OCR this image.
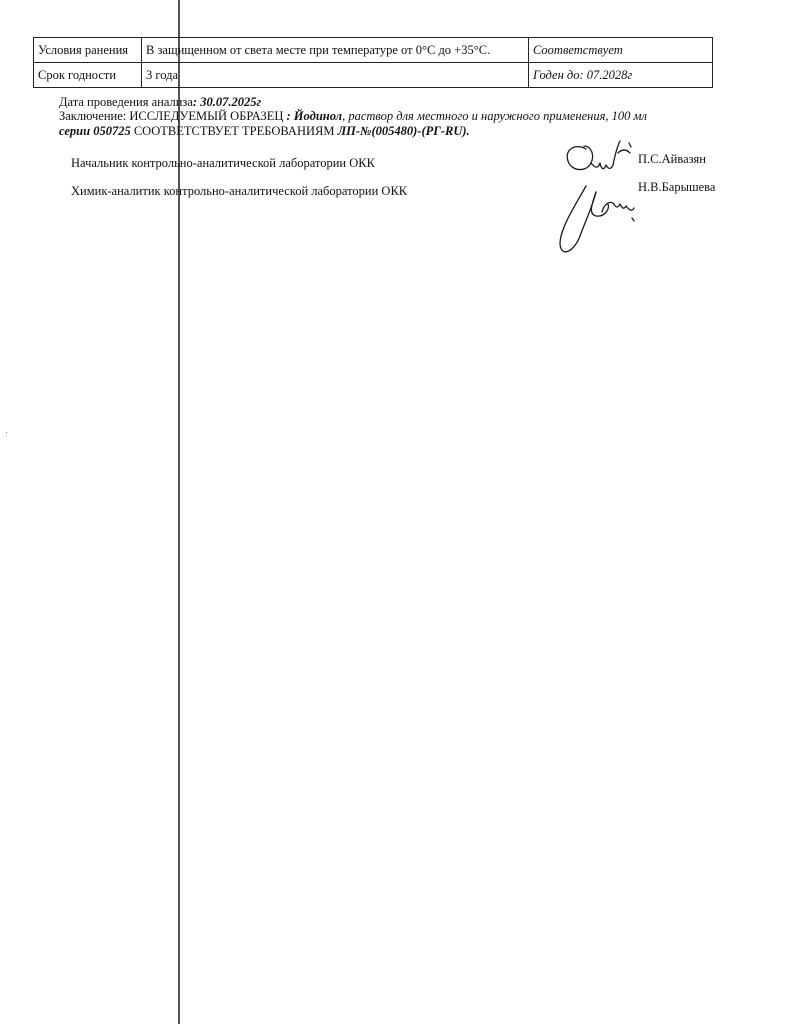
Условия ранения	В защищенном от света месте при температуре от 0°С до +35°С.	Соответствует
Срок годности	3 года	Годен до: 07.2028г
Дата проведения анализа: 30.07.2025г
Заключение: ИССЛЕДУЕМЫЙ ОБРАЗЕЦ : Йодинол, раствор для местного и наружного применения, 100 мл
серии 050725 СООТВЕТСТВУЕТ ТРЕБОВАНИЯМ ЛП-№(005480)-(РГ-RU).
Начальник контрольно-аналитической лаборатории ОКК	П.С.Айвазян
Химик-аналитик контрольно-аналитической лаборатории ОКК	Н.В.Барышева
